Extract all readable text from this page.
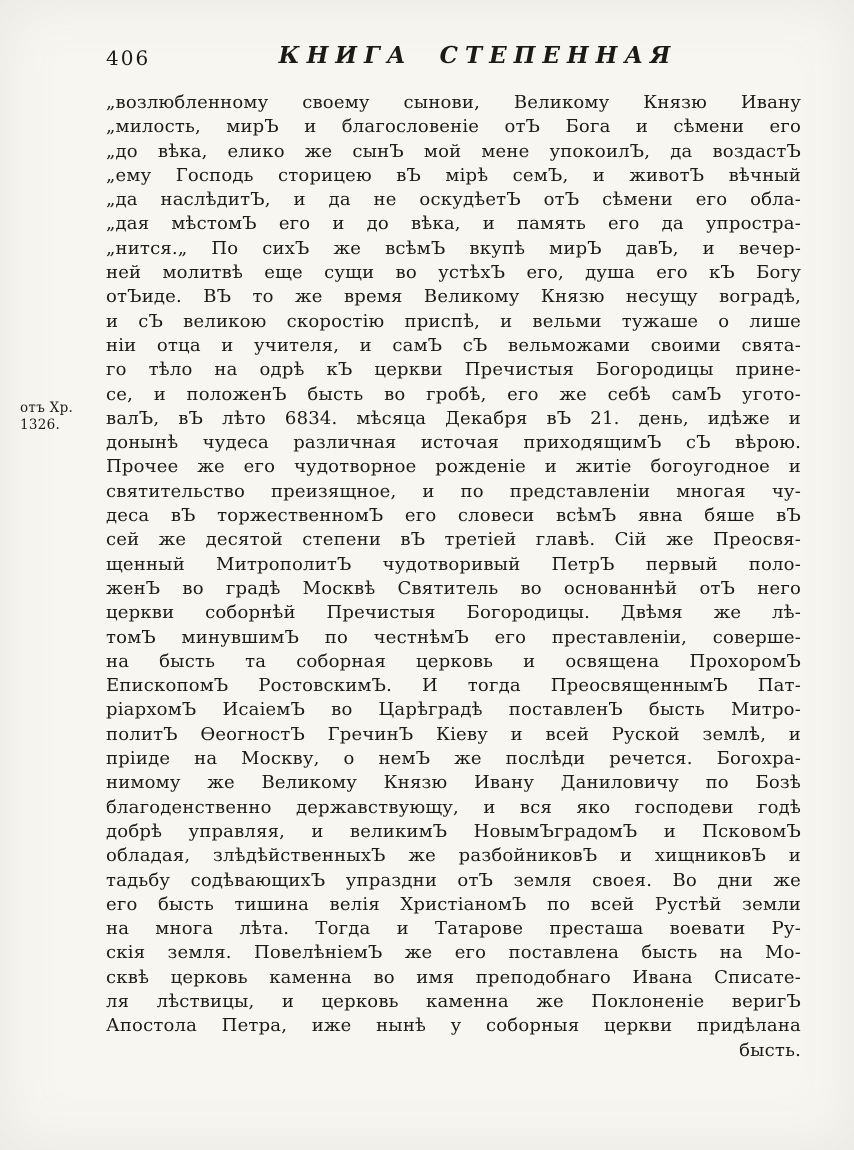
406	КНИГА СТЕПЕННАЯ
отъ Хр.
1326.
„возлюбленному своему сынови, Великому Князю Ивану
„милость, мирЪ и благословеніе отЪ Бога и сѣмени его
„до вѣка, елико же сынЪ мой мене упокоилЪ, да воздастЪ
„ему Господь сторицею вЪ мірѣ семЪ, и животЪ вѣчный
„да наслѣдитЪ, и да не оскудѣетЪ отЪ сѣмени его обла-
„дая мѣстомЪ его и до вѣка, и память его да упростра-
„нится.„ По сихЪ же всѣмЪ вкупѣ мирЪ давЪ, и вечер-
ней молитвѣ еще сущи во устѣхЪ его, душа его кЪ Богу
отЪиде. ВЪ то же время Великому Князю несущу воградѣ,
и сЪ великою скоростію приспѣ, и вельми тужаше о лише
ніи отца и учителя, и самЪ сЪ вельможами своими свята-
го тѣло на одрѣ кЪ церкви Пречистыя Богородицы прине-
се, и положенЪ бысть во гробѣ, его же себѣ самЪ угото-
валЪ, вЪ лѣто 6834. мѣсяца Декабря вЪ 21. день, идѣже и
донынѣ чудеса различная источая приходящимЪ сЪ вѣрою.
Прочее же его чудотворное рожденіе и житіе богоугодное и
святительство преизящное, и по представленіи многая чу-
деса вЪ торжественномЪ его словеси всѣмЪ явна бяше вЪ
сей же десятой степени вЪ третіей главѣ. Сій же Преосвя-
щенный МитрополитЪ чудотворивый ПетрЪ первый поло-
женЪ во градѣ Москвѣ Святитель во основаннѣй отЪ него
церкви соборнѣй Пречистыя Богородицы. Двѣмя же лѣ-
томЪ минувшимЪ по честнѣмЪ его преставленіи, соверше-
на бысть та соборная церковь и освящена ПрохоромЪ
ЕпископомЪ РостовскимЪ. И тогда ПреосвященнымЪ Пат-
ріархомЪ ИсаіемЪ во Царѣградѣ поставленЪ бысть Митро-
политЪ ѲеогностЪ ГречинЪ Кіеву и всей Руской землѣ, и
пріиде на Москву, о немЪ же послѣди речется. Богохра-
нимому же Великому Князю Ивану Даниловичу по Бозѣ
благоденственно державствующу, и вся яко господеви годѣ
добрѣ управляя, и великимЪ НовымЪградомЪ и ПсковомЪ
обладая, злѣдѣйственныхЪ же разбойниковЪ и хищниковЪ и
тадьбу содѣвающихЪ упраздни отЪ земля своея. Во дни же
его бысть тишина велія ХристіаномЪ по всей Рустѣй земли
на многа лѣта. Тогда и Татарове престаша воевати Ру-
скія земля. ПовелѣніемЪ же его поставлена бысть на Мо-
сквѣ церковь каменна во имя преподобнаго Ивана Списате-
ля лѣствицы, и церковь каменна же Поклоненіе веригЪ
Апостола Петра, иже нынѣ у соборныя церкви придѣлана
бысть.
